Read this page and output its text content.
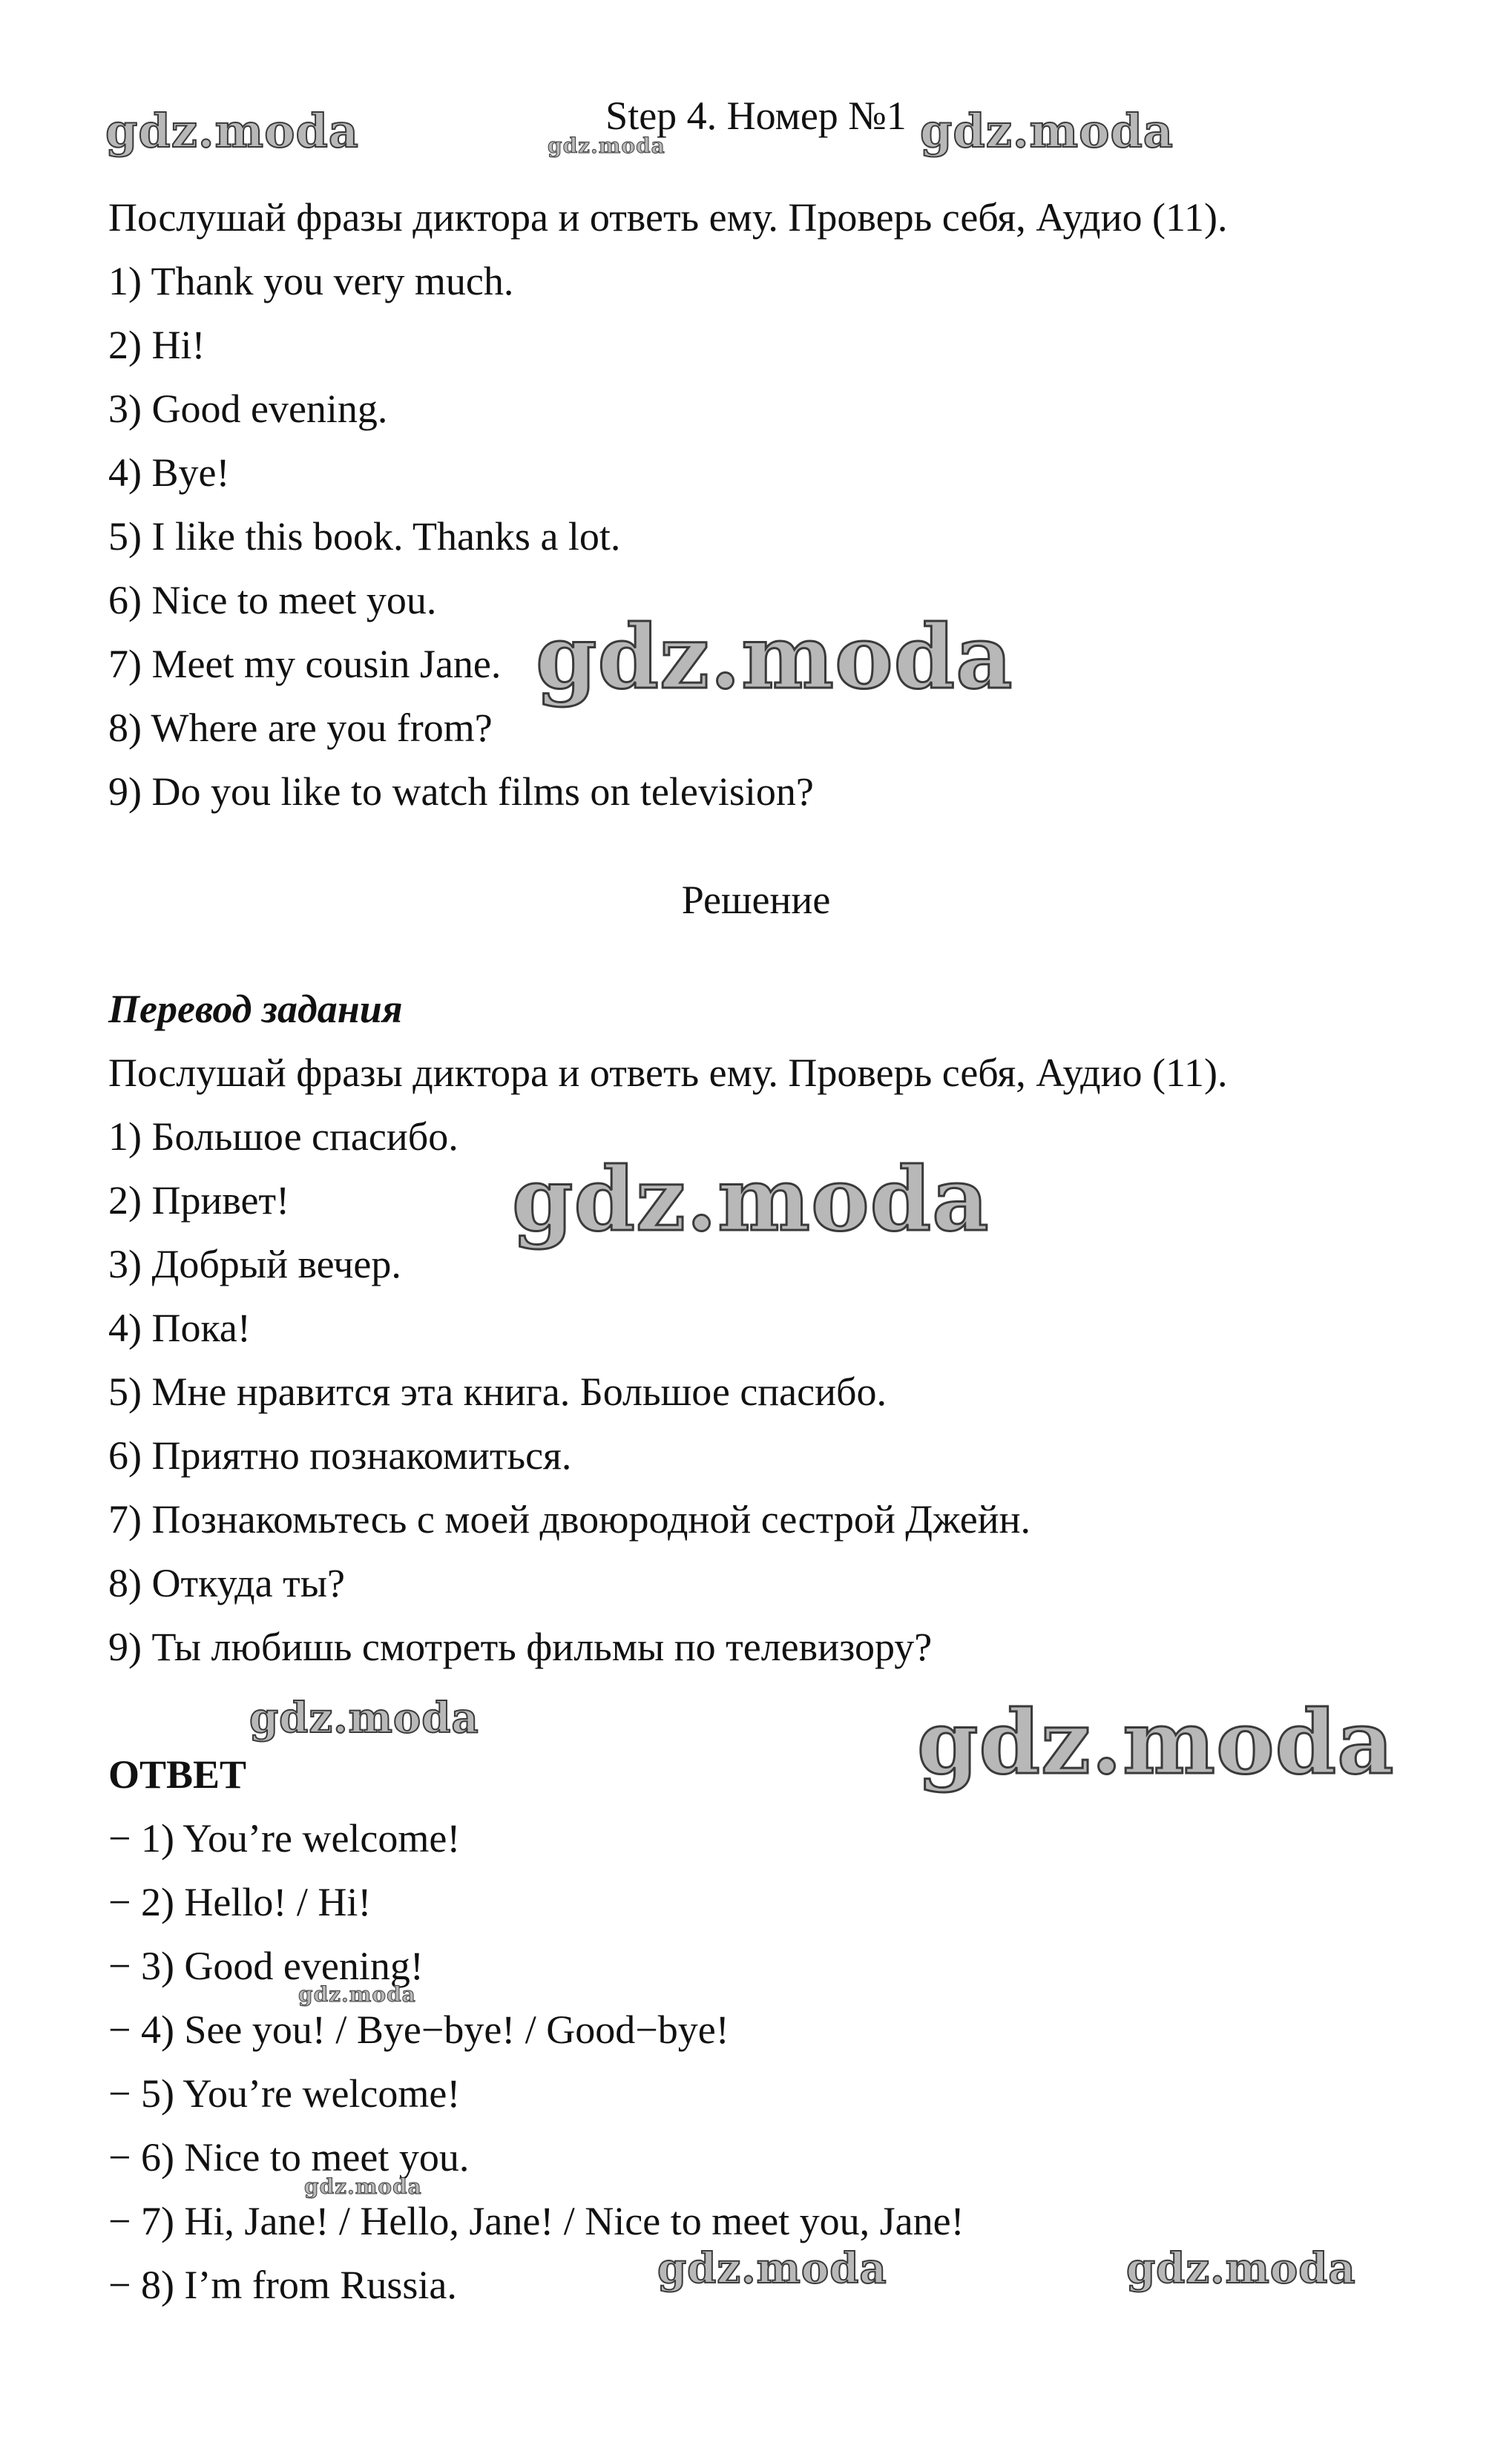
Step 4. Номер №1
Послушай фразы диктора и ответь ему. Проверь себя, Аудио (11).
1) Thank you very much.
2) Hi!
3) Good evening.
4) Bye!
5) I like this book. Thanks a lot.
6) Nice to meet you.
7) Meet my cousin Jane.
8) Where are you from?
9) Do you like to watch films on television?
Решение
Перевод задания
Послушай фразы диктора и ответь ему. Проверь себя, Аудио (11).
1) Большое спасибо.
2) Привет!
3) Добрый вечер.
4) Пока!
5) Мне нравится эта книга. Большое спасибо.
6) Приятно познакомиться.
7) Познакомьтесь с моей двоюродной сестрой Джейн.
8) Откуда ты?
9) Ты любишь смотреть фильмы по телевизору?
ОТВЕТ
− 1) You’re welcome!
− 2) Hello! / Hi!
− 3) Good evening!
− 4) See you! / Bye−bye! / Good−bye!
− 5) You’re welcome!
− 6) Nice to meet you.
− 7) Hi, Jane! / Hello, Jane! / Nice to meet you, Jane!
− 8) I’m from Russia.
gdz.moda	gdz.moda	gdz.moda
gdz.moda
gdz.moda
gdz.moda	gdz.moda
gdz.moda
gdz.moda
gdz.moda	gdz.moda
